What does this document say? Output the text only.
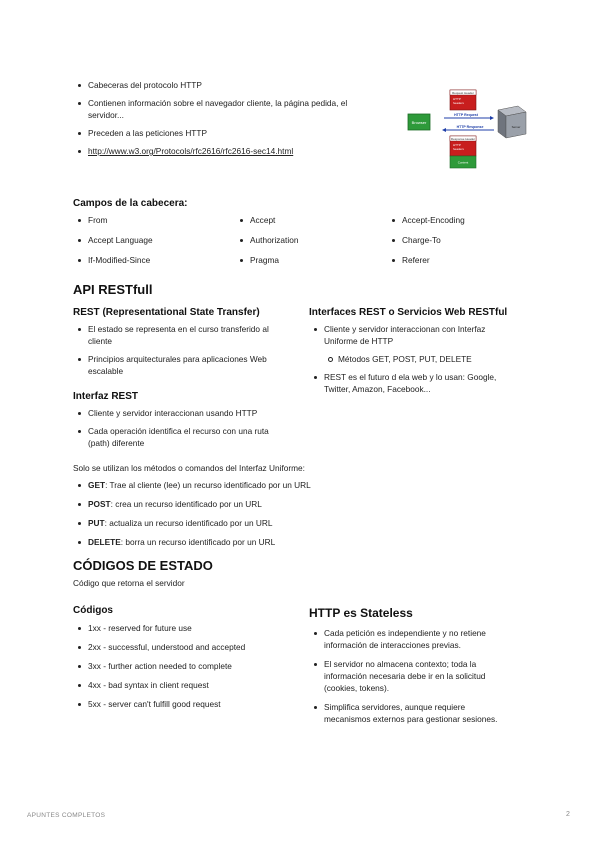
Cabeceras del protocolo HTTP
Contienen información sobre el navegador cliente, la página pedida, el servidor...
Preceden a las peticiones HTTP
http://www.w3.org/Protocols/rfc2616/rfc2616-sec14.html
Browser
Request Header
HTTP
headers
HTTP Request
HTTP Response
Response Header
HTTP
headers
Content
Server
Campos de la cabecera:
From
Accept Language
If-Modified-Since
Accept
Authorization
Pragma
Accept-Encoding
Charge-To
Referer
API RESTfull
REST (Representational State Transfer)
El estado se representa en el curso transferido al cliente
Principios arquitecturales para aplicaciones Web escalable
Interfaz REST
Cliente y servidor interaccionan usando HTTP
Cada operación identifica el recurso con una ruta (path) diferente
Interfaces REST o Servicios Web RESTful
Cliente y servidor interaccionan con Interfaz Uniforme de HTTP
Métodos GET, POST, PUT, DELETE
REST es el futuro d ela web y lo usan: Google, Twitter, Amazon, Facebook...
Solo se utilizan los métodos o comandos del Interfaz Uniforme:
GET: Trae al cliente (lee) un recurso identificado por un URL
POST: crea un recurso identificado por un URL
PUT: actualiza un recurso identificado por un URL
DELETE: borra un recurso identificado por un URL
CÓDIGOS DE ESTADO
Código que retorna el servidor
Códigos
1xx - reserved for future use
2xx - successful, understood and accepted
3xx - further action needed to complete
4xx - bad syntax in client request
5xx - server can't fulfill good request
HTTP es Stateless
Cada petición es independiente y no retiene información de interacciones previas.
El servidor no almacena contexto; toda la información necesaria debe ir en la solicitud (cookies, tokens).
Simplifica servidores, aunque requiere mecanismos externos para gestionar sesiones.
APUNTES COMPLETOS	2
